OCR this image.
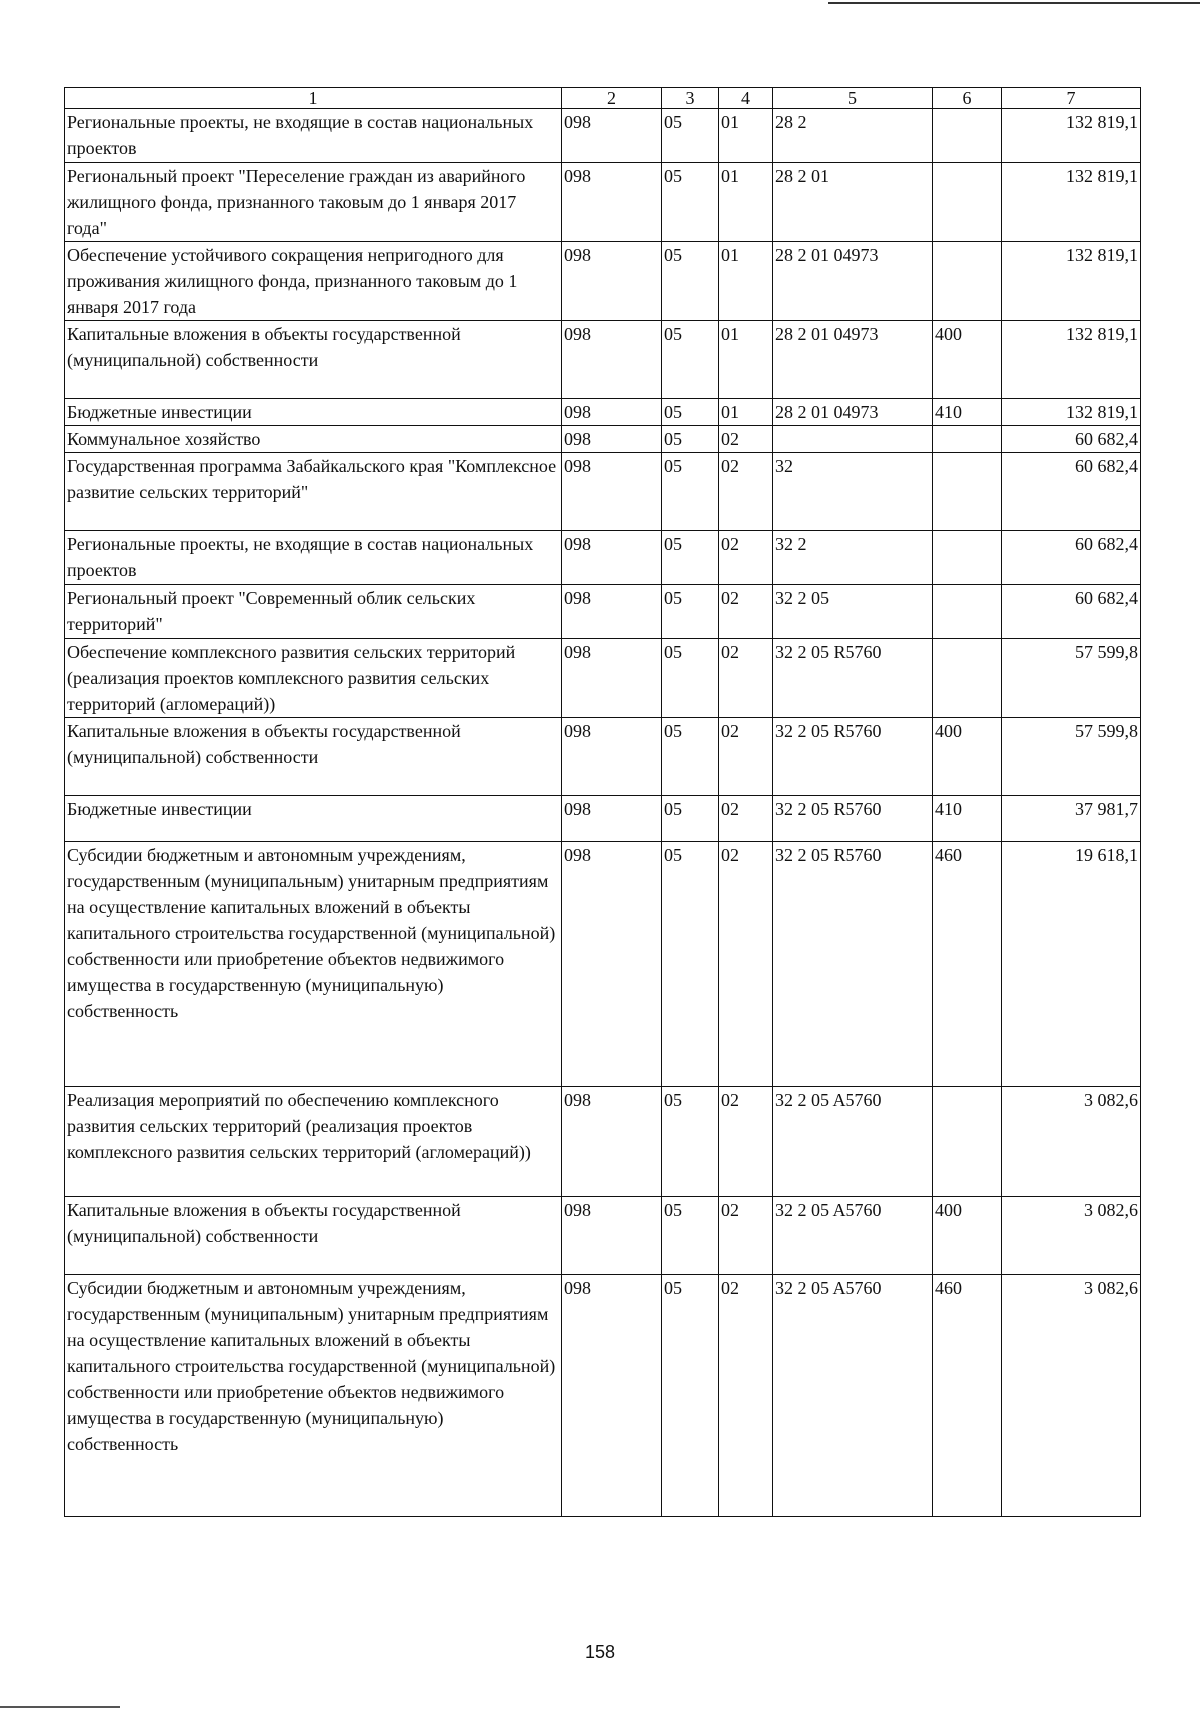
1	2	3	4	5	6	7
Региональные проекты, не входящие в состав национальных проектов	098	05	01	28 2		132 819,1
Региональный проект "Переселение граждан из аварийного жилищного фонда, признанного таковым до 1 января 2017 года"	098	05	01	28 2 01		132 819,1
Обеспечение устойчивого сокращения непригодного для проживания жилищного фонда, признанного таковым до 1 января 2017 года	098	05	01	28 2 01 04973		132 819,1
Капитальные вложения в объекты государственной (муниципальной) собственности	098	05	01	28 2 01 04973	400	132 819,1
Бюджетные инвестиции	098	05	01	28 2 01 04973	410	132 819,1
Коммунальное хозяйство	098	05	02			60 682,4
Государственная программа Забайкальского края "Комплексное развитие сельских территорий"	098	05	02	32		60 682,4
Региональные проекты, не входящие в состав национальных проектов	098	05	02	32 2		60 682,4
Региональный проект "Современный облик сельских территорий"	098	05	02	32 2 05		60 682,4
Обеспечение комплексного развития сельских территорий (реализация проектов комплексного развития сельских территорий (агломераций))	098	05	02	32 2 05 R5760		57 599,8
Капитальные вложения в объекты государственной (муниципальной) собственности	098	05	02	32 2 05 R5760	400	57 599,8
Бюджетные инвестиции	098	05	02	32 2 05 R5760	410	37 981,7
Субсидии бюджетным и автономным учреждениям, государственным (муниципальным) унитарным предприятиям на осуществление капитальных вложений в объекты капитального строительства государственной (муниципальной) собственности или приобретение объектов недвижимого имущества в государственную (муниципальную) собственность	098	05	02	32 2 05 R5760	460	19 618,1
Реализация мероприятий по обеспечению комплексного развития сельских территорий (реализация проектов комплексного развития сельских территорий (агломераций))	098	05	02	32 2 05 A5760		3 082,6
Капитальные вложения в объекты государственной (муниципальной) собственности	098	05	02	32 2 05 A5760	400	3 082,6
Субсидии бюджетным и автономным учреждениям, государственным (муниципальным) унитарным предприятиям на осуществление капитальных вложений в объекты капитального строительства государственной (муниципальной) собственности или приобретение объектов недвижимого имущества в государственную (муниципальную) собственность	098	05	02	32 2 05 A5760	460	3 082,6
158
